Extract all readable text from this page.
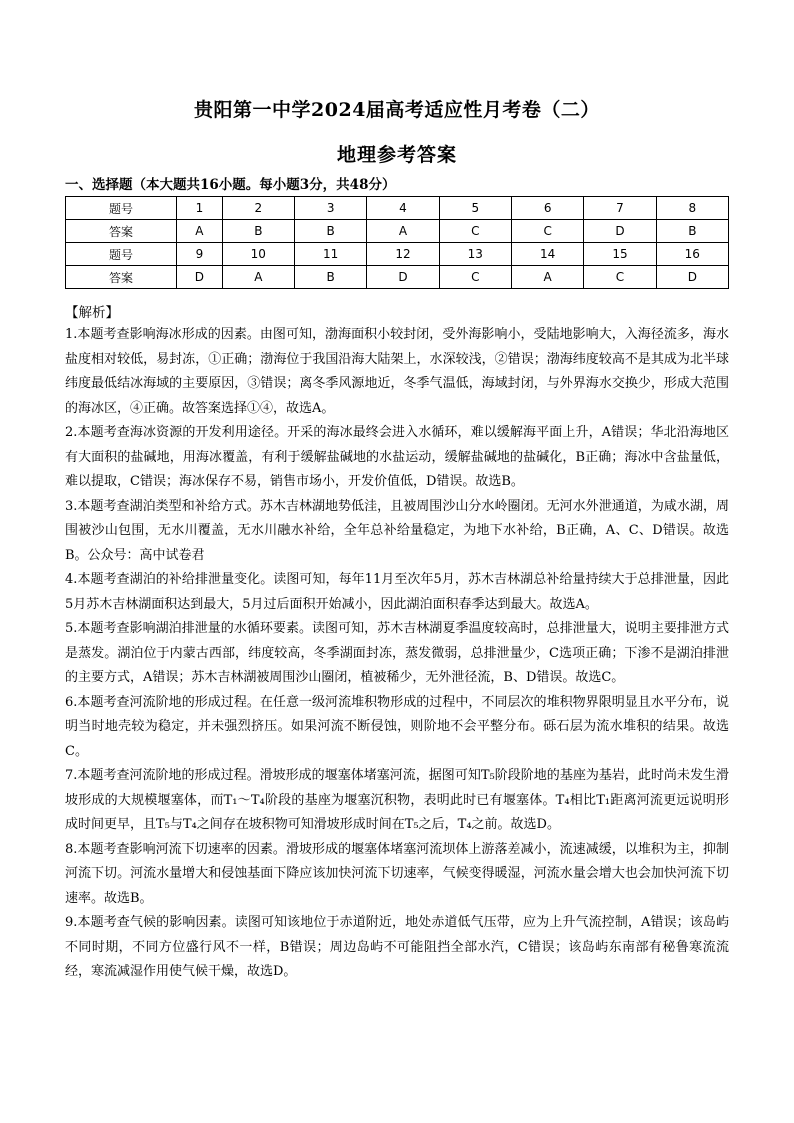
贵阳第一中学2024届高考适应性月考卷（二）
地理参考答案
一、选择题（本大题共16小题。每小题3分，共48分）
题号	1	2	3	4	5	6	7	8
答案	A	B	B	A	C	C	D	B
题号	9	10	11	12	13	14	15	16
答案	D	A	B	D	C	A	C	D
【解析】

1.本题考查影响海冰形成的因素。由图可知，渤海面积小较封闭，受外海影响小，受陆地影响大，入海径流多，海水盐度相对较低，易封冻，①正确；渤海位于我国沿海大陆架上，水深较浅，②错误；渤海纬度较高不是其成为北半球纬度最低结冰海域的主要原因，③错误；离冬季风源地近，冬季气温低，海域封闭，与外界海水交换少，形成大范围的海冰区，④正确。故答案选择①④，故选A。

2.本题考查海冰资源的开发利用途径。开采的海冰最终会进入水循环，难以缓解海平面上升，A错误；华北沿海地区有大面积的盐碱地，用海冰覆盖，有利于缓解盐碱地的水盐运动，缓解盐碱地的盐碱化，B正确；海冰中含盐量低，难以提取，C错误；海冰保存不易，销售市场小，开发价值低，D错误。故选B。

3.本题考查湖泊类型和补给方式。苏木吉林湖地势低洼，且被周围沙山分水岭圈闭。无河水外泄通道，为咸水湖，周围被沙山包围，无水川覆盖，无水川融水补给，全年总补给量稳定，为地下水补给，B正确，A、C、D错误。故选B。公众号：高中试卷君

4.本题考查湖泊的补给排泄量变化。读图可知，每年11月至次年5月，苏木吉林湖总补给量持续大于总排泄量，因此5月苏木吉林湖面积达到最大，5月过后面积开始减小，因此湖泊面积春季达到最大。故选A。

5.本题考查影响湖泊排泄量的水循环要素。读图可知，苏木吉林湖夏季温度较高时，总排泄量大，说明主要排泄方式是蒸发。湖泊位于内蒙古西部，纬度较高，冬季湖面封冻，蒸发微弱，总排泄量少，C选项正确；下渗不是湖泊排泄的主要方式，A错误；苏木吉林湖被周围沙山圈闭，植被稀少，无外泄径流，B、D错误。故选C。

6.本题考查河流阶地的形成过程。在任意一级河流堆积物形成的过程中，不同层次的堆积物界限明显且水平分布，说明当时地壳较为稳定，并未强烈挤压。如果河流不断侵蚀，则阶地不会平整分布。砾石层为流水堆积的结果。故选C。

7.本题考查河流阶地的形成过程。滑坡形成的堰塞体堵塞河流，据图可知T₅阶段阶地的基座为基岩，此时尚未发生滑坡形成的大规模堰塞体，而T₁～T₄阶段的基座为堰塞沉积物，表明此时已有堰塞体。T₄相比T₁距离河流更远说明形成时间更早，且T₅与T₄之间存在坡积物可知滑坡形成时间在T₅之后，T₄之前。故选D。

8.本题考查影响河流下切速率的因素。滑坡形成的堰塞体堵塞河流坝体上游落差减小，流速减缓，以堆积为主，抑制河流下切。河流水量增大和侵蚀基面下降应该加快河流下切速率，气候变得暖湿，河流水量会增大也会加快河流下切速率。故选B。

9.本题考查气候的影响因素。读图可知该地位于赤道附近，地处赤道低气压带，应为上升气流控制，A错误；该岛屿不同时期，不同方位盛行风不一样，B错误；周边岛屿不可能阻挡全部水汽，C错误；该岛屿东南部有秘鲁寒流流经，寒流减湿作用使气候干燥，故选D。
